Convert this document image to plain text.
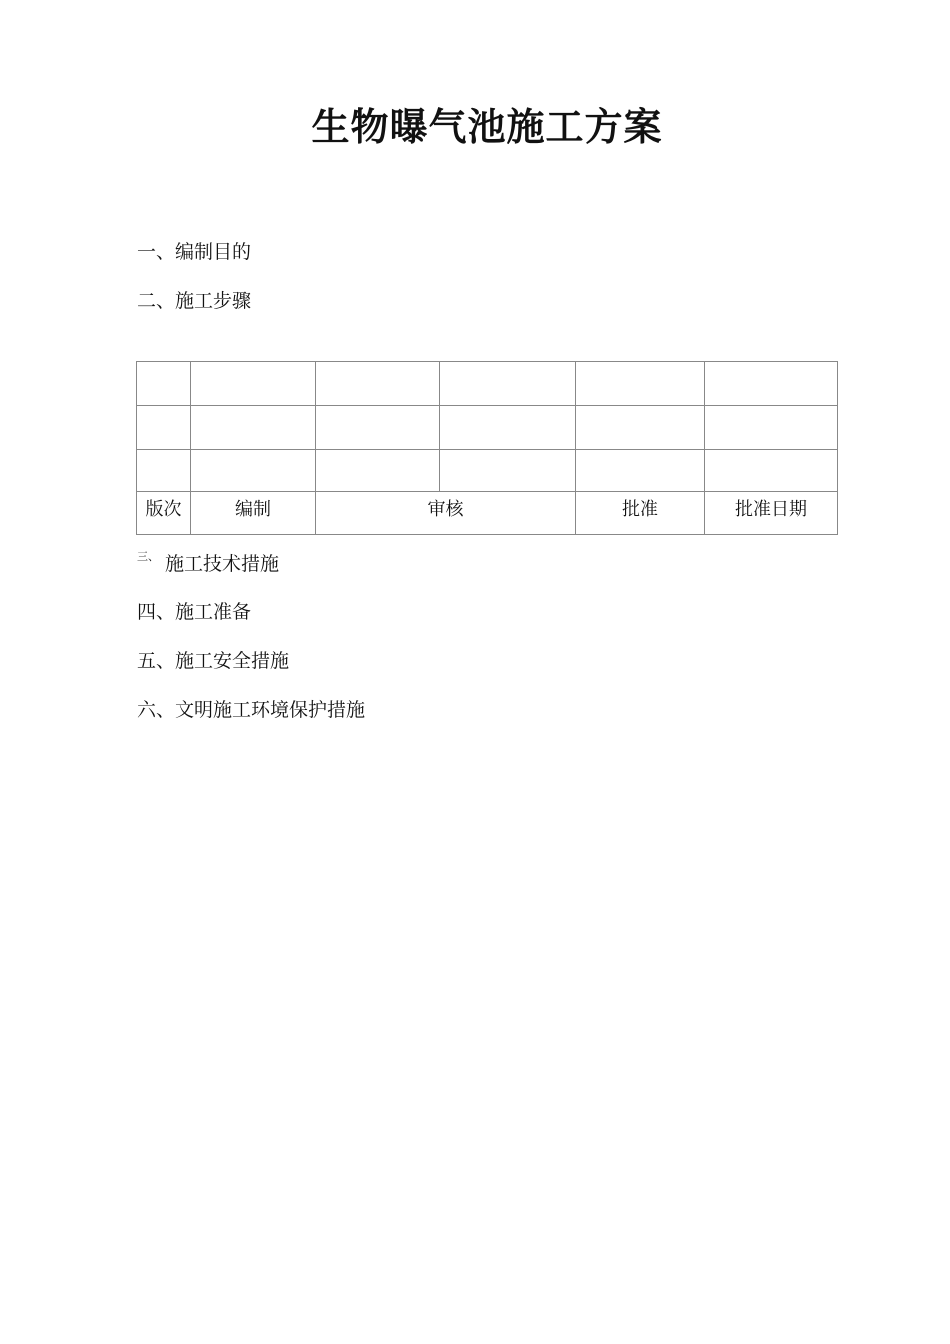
生物曝气池施工方案
一、编制目的
二、施工步骤

版次	编制	审核		批准	批准日期
三、 施工技术措施
四、施工准备
五、施工安全措施
六、文明施工环境保护措施
